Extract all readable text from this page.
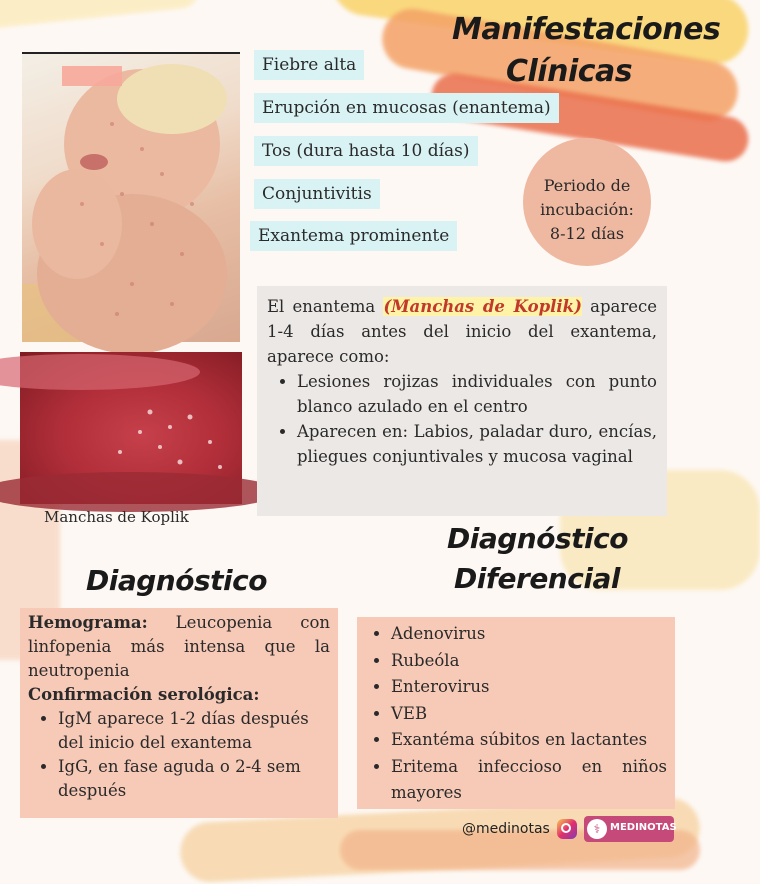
Manifestaciones
Clínicas
Manchas de Koplik
Fiebre alta
Erupción en mucosas (enantema)
Tos (dura hasta 10 días)
Conjuntivitis
Exantema prominente
Periodo de
incubación:
8-12 días
El enantema (Manchas de Koplik) aparece 1-4 días antes del inicio del exantema, aparece como:
• Lesiones rojizas individuales con punto blanco azulado en el centro
• Aparecen en: Labios, paladar duro, encías, pliegues conjuntivales y mucosa vaginal
Diagnóstico
Diferencial
Diagnóstico
Hemograma: Leucopenia con linfopenia más intensa que la neutropenia
Confirmación serológica:
• IgM aparece 1-2 días después del inicio del exantema
• IgG, en fase aguda o 2-4 sem después
• Adenovirus
• Rubeóla
• Enterovirus
• VEB
• Exantéma súbitos en lactantes
• Eritema infeccioso en niños mayores
@medinotas	⚕ MEDINOTAS
